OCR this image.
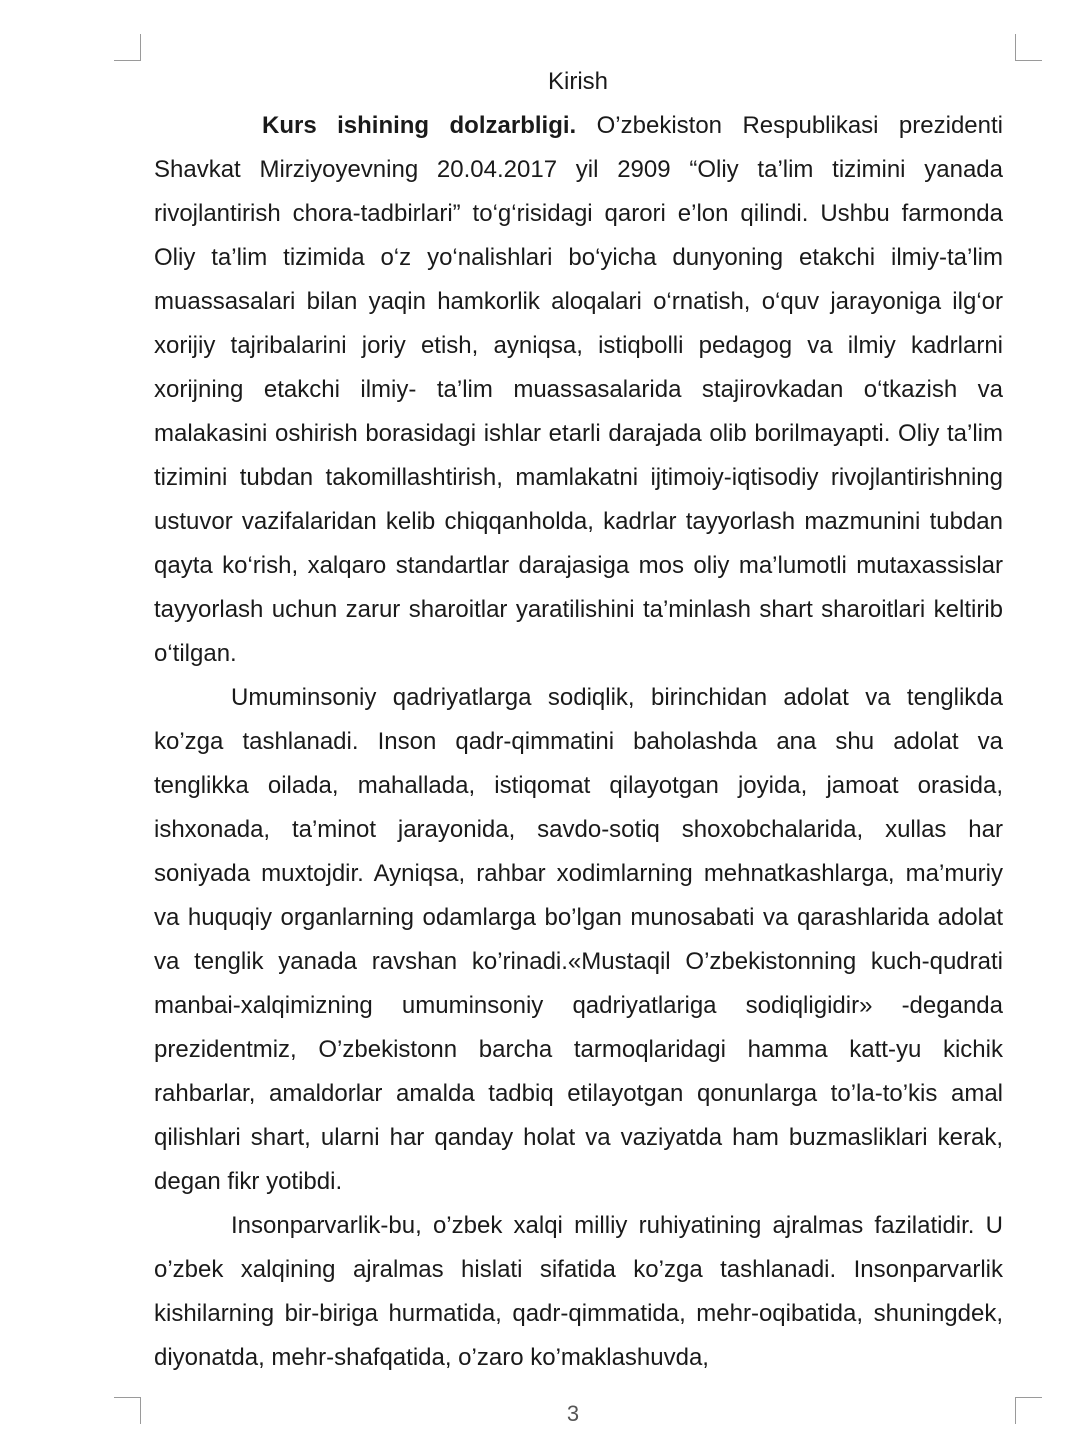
Kirish

Kurs ishining dolzarbligi. O’zbekiston Respublikasi prezidenti Shavkat Mirziyoyevning 20.04.2017 yil 2909 “Oliy ta’lim tizimini yanada rivojlantirish chora-tadbirlari” to‘g‘risidagi qarori e’lon qilindi. Ushbu farmonda Oliy ta’lim tizimida o‘z yo‘nalishlari bo‘yicha dunyoning etakchi ilmiy-ta’lim muassasalari bilan yaqin hamkorlik aloqalari o‘rnatish, o‘quv jarayoniga ilg‘or xorijiy tajribalarini joriy etish, ayniqsa, istiqbolli pedagog va ilmiy kadrlarni xorijning etakchi ilmiy- ta’lim muassasalarida stajirovkadan o‘tkazish va malakasini oshirish borasidagi ishlar etarli darajada olib borilmayapti. Oliy ta’lim tizimini tubdan takomillashtirish, mamlakatni ijtimoiy-iqtisodiy rivojlantirishning ustuvor vazifalaridan kelib chiqqanholda, kadrlar tayyorlash mazmunini tubdan qayta ko‘rish, xalqaro standartlar darajasiga mos oliy ma’lumotli mutaxassislar tayyorlash uchun zarur sharoitlar yaratilishini ta’minlash shart sharoitlari keltirib o‘tilgan.

Umuminsoniy qadriyatlarga sodiqlik, birinchidan adolat va tenglikda ko’zga tashlanadi. Inson qadr-qimmatini baholashda ana shu adolat va tenglikka oilada, mahallada, istiqomat qilayotgan joyida, jamoat orasida, ishxonada, ta’minot jarayonida, savdo-sotiq shoxobchalarida, xullas har soniyada muxtojdir. Ayniqsa, rahbar xodimlarning mehnatkashlarga, ma’muriy va huquqiy organlarning odamlarga bo’lgan munosabati va qarashlarida adolat va tenglik yanada ravshan ko’rinadi.«Mustaqil O’zbekistonning kuch-qudrati manbai-xalqimizning umuminsoniy qadriyatlariga sodiqligidir» -deganda prezidentmiz, O’zbekistonn barcha tarmoqlaridagi hamma katt-yu kichik rahbarlar, amaldorlar amalda tadbiq etilayotgan qonunlarga to’la-to’kis amal qilishlari shart, ularni har qanday holat va vaziyatda ham buzmasliklari kerak, degan fikr yotibdi.

Insonparvarlik-bu, o’zbek xalqi milliy ruhiyatining ajralmas fazilatidir. U o’zbek xalqining ajralmas hislati sifatida ko’zga tashlanadi. Insonparvarlik kishilarning bir-biriga hurmatida, qadr-qimmatida, mehr-oqibatida, shuningdek, diyonatda, mehr-shafqatida, o’zaro ko’maklashuvda,

3
